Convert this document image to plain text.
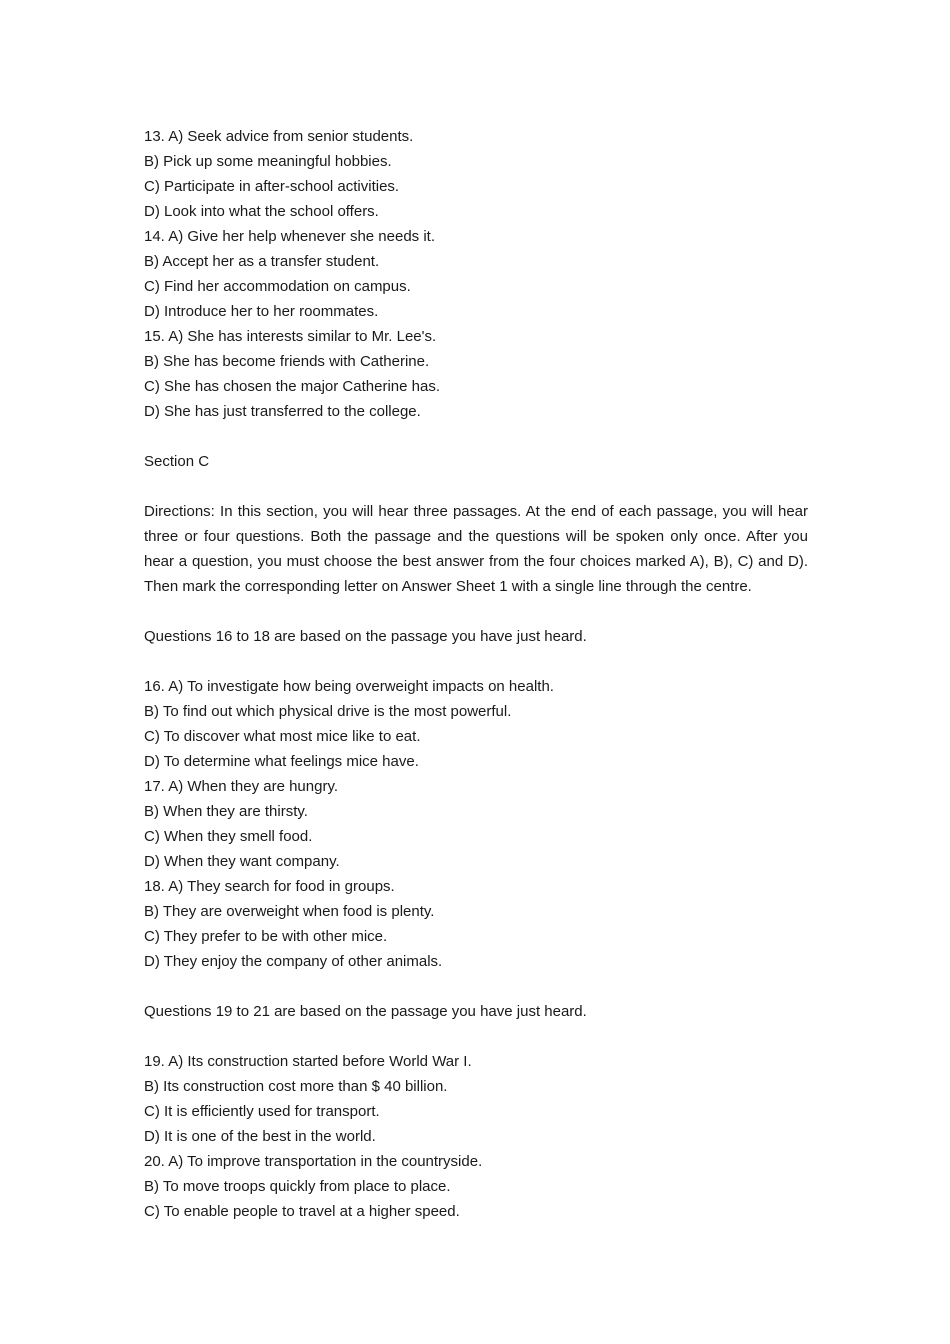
13. A) Seek advice from senior students.
B) Pick up some meaningful hobbies.
C) Participate in after-school activities.
D) Look into what the school offers.
14. A) Give her help whenever she needs it.
B) Accept her as a transfer student.
C) Find her accommodation on campus.
D) Introduce her to her roommates.
15. A) She has interests similar to Mr. Lee's.
B) She has become friends with Catherine.
C) She has chosen the major Catherine has.
D) She has just transferred to the college.
Section C

Directions: In this section, you will hear three passages. At the end of each passage, you will hear three or four questions. Both the passage and the questions will be spoken only once. After you hear a question, you must choose the best answer from the four choices marked A), B), C) and D). Then mark the corresponding letter on Answer Sheet 1 with a single line through the centre.

Questions 16 to 18 are based on the passage you have just heard.
16. A) To investigate how being overweight impacts on health.
B) To find out which physical drive is the most powerful.
C) To discover what most mice like to eat.
D) To determine what feelings mice have.
17. A) When they are hungry.
B) When they are thirsty.
C) When they smell food.
D) When they want company.
18. A) They search for food in groups.
B) They are overweight when food is plenty.
C) They prefer to be with other mice.
D) They enjoy the company of other animals.
Questions 19 to 21 are based on the passage you have just heard.
19. A) Its construction started before World War I.
B) Its construction cost more than $ 40 billion.
C) It is efficiently used for transport.
D) It is one of the best in the world.
20. A) To improve transportation in the countryside.
B) To move troops quickly from place to place.
C) To enable people to travel at a higher speed.
